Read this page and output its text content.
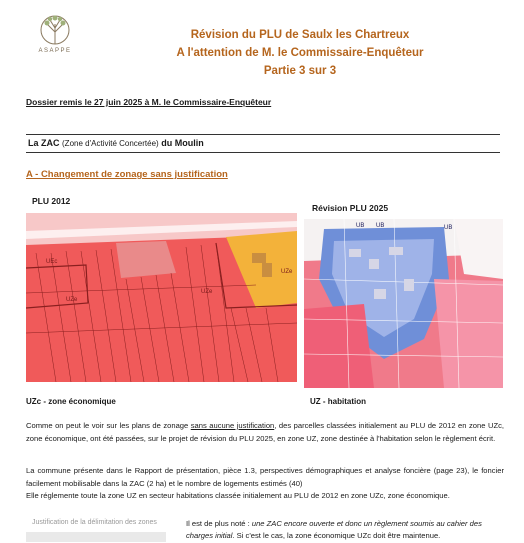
ASAPPE
Révision du PLU de Saulx les Chartreux
A l'attention de M. le Commissaire-Enquêteur
Partie 3 sur 3
Dossier remis le 27 juin 2025 à M. le Commissaire-Enquêteur
La ZAC (Zone d'Activité Concertée) du Moulin
A - Changement de zonage sans justification
PLU 2012
UEc
UZe
UZe
UZe
UZc - zone économique
Révision PLU 2025
UB UB	UB
UZ - habitation
Comme on peut le voir sur les plans de zonage sans aucune justification, des parcelles classées initialement au PLU de 2012 en zone UZc, zone économique, ont été passées, sur le projet de révision du PLU 2025, en zone UZ, zone destinée à l'habitation selon le règlement écrit.
La commune présente dans le Rapport de présentation, pièce 1.3, perspectives démographiques et analyse foncière (page 23), le foncier facilement mobilisable dans la ZAC (2 ha) et le nombre de logements estimés (40)
Elle réglemente toute la zone UZ en secteur habitations classée initialement au PLU de 2012 en zone UZc, zone économique.
Justification de la délimitation des zones	Il est de plus noté : une ZAC encore ouverte et donc un règlement soumis au cahier des charges initial. Si c'est le cas, la zone économique UZc doit être maintenue.
